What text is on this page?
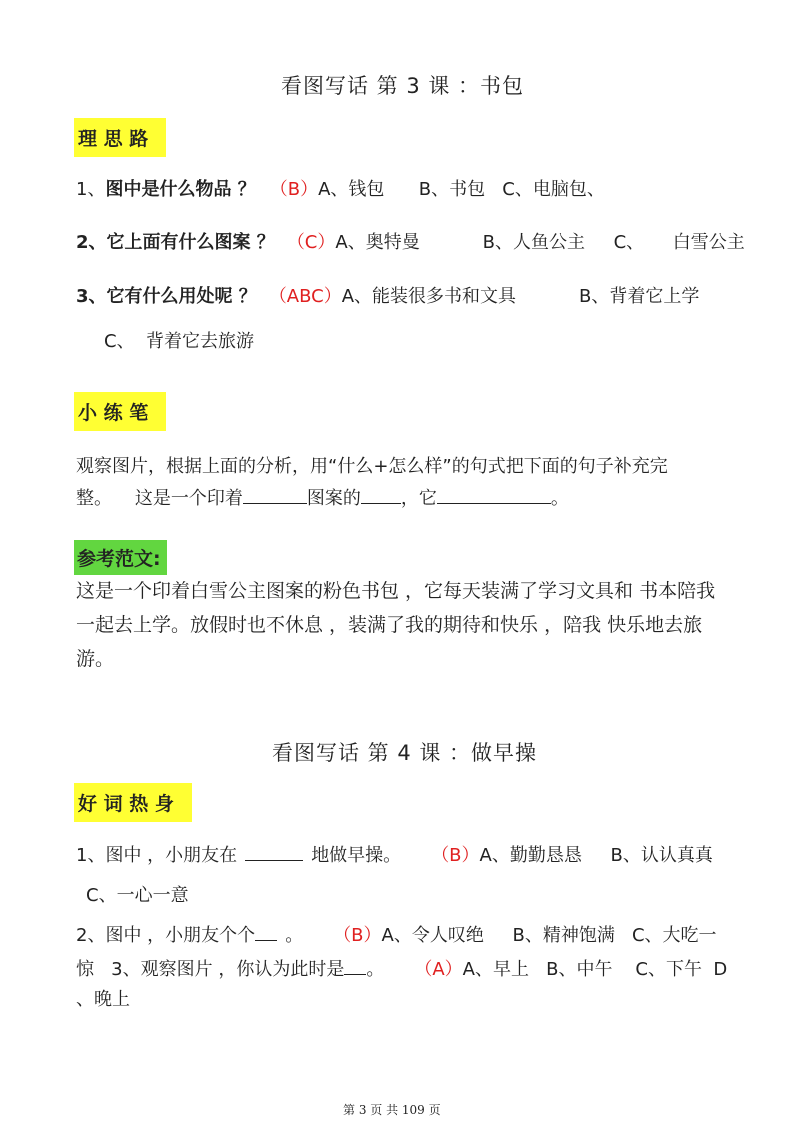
看图写话 第 3 课 ：书包
理 思 路
1、图中是什么物品 ？ （B）A、钱包      B、书包   C、电脑包、
2、它上面有什么图案 ？ （C）A、奥特曼           B、人鱼公主     C、     白雪公主
3、它有什么用处呢 ？ （ABC）A、能装很多书和文具           B、背着它上学
C、  背着它去旅游
小 练 笔
观察图片，根据上面的分析，用“什么+怎么样”的句式把下面的句子补充完
整。    这是一个印着	图案的 ，它	。
参考范文:
这是一个印着白雪公主图案的粉色书包 ，它每天装满了学习文具和 书本陪我一起去上学。放假时也不休息 ，装满了我的期待和快乐 ，陪我 快乐地去旅游。
看图写话 第 4 课 ：做早操
好 词 热 身
1、图中 ，小朋友在	地做早操。 （B）A、勤勤恳恳     B、认认真真
C、一心一意
2、图中 ，小朋友个个 。 （B）A、令人叹绝     B、精神饱满   C、大吃一
惊   3、观察图片 ，你认为此时是 。 （A）A、早上   B、中午    C、下午  D
、晚上
第 3 页 共 109 页
